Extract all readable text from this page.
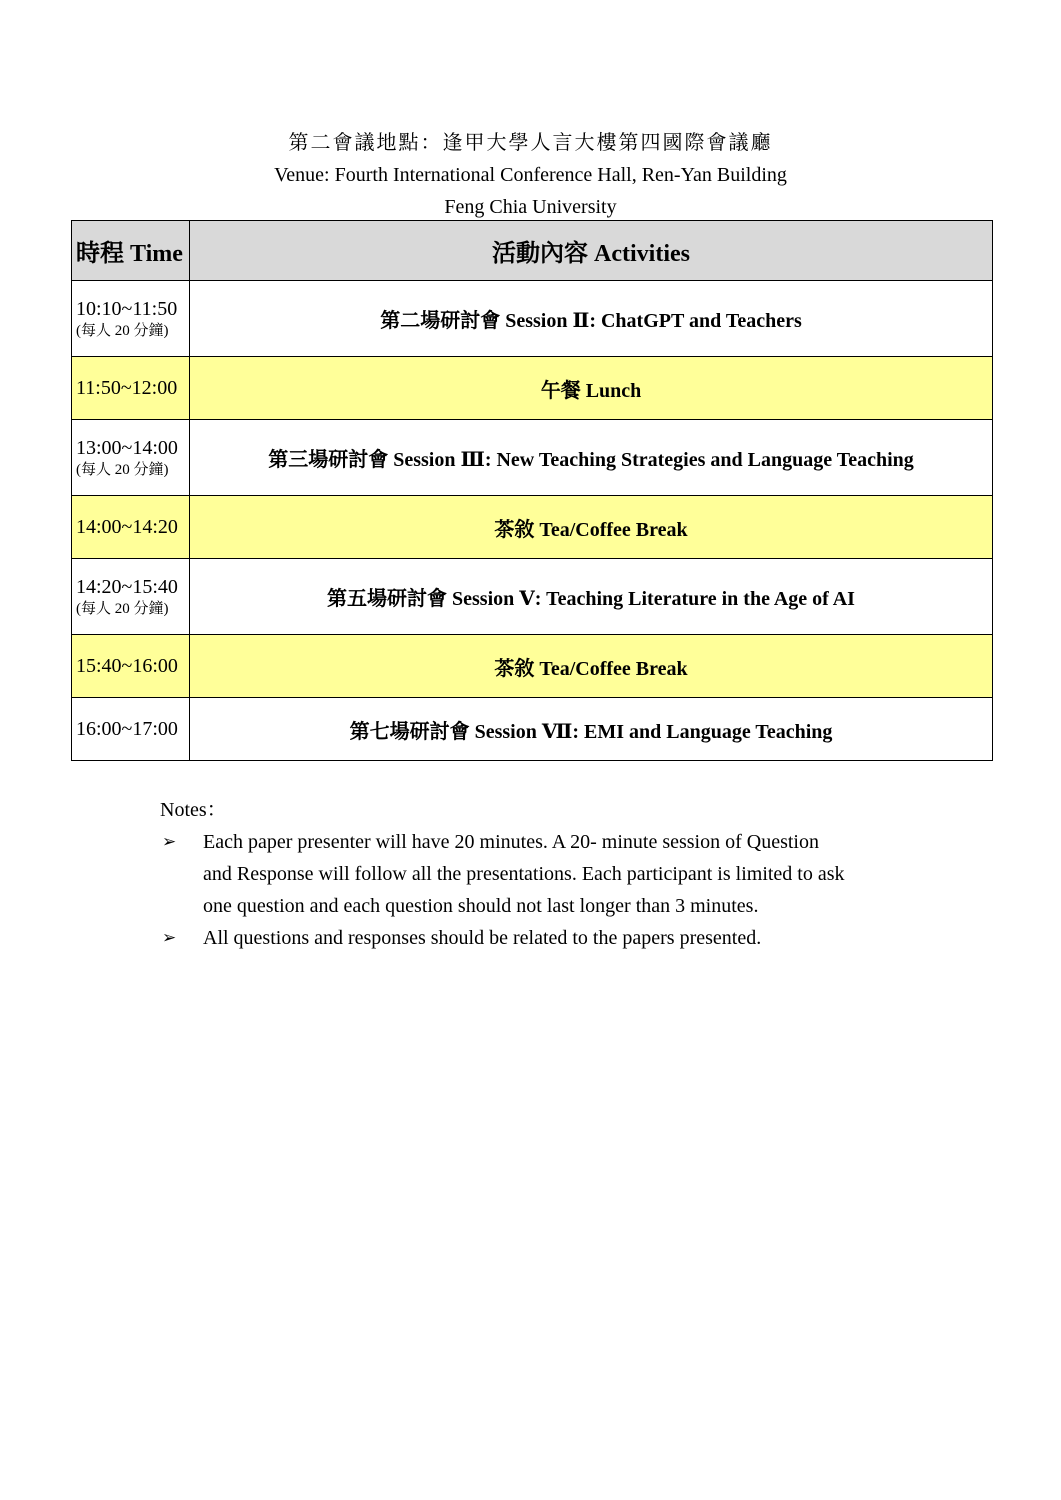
第二會議地點：逢甲大學人言大樓第四國際會議廳
Venue: Fourth International Conference Hall, Ren-Yan Building
Feng Chia University
時程 Time	活動內容 Activities
10:10~11:50
(每人 20 分鐘)	第二場研討會 Session Ⅱ: ChatGPT and Teachers
11:50~12:00	午餐 Lunch
13:00~14:00
(每人 20 分鐘)	第三場研討會 Session Ⅲ: New Teaching Strategies and Language Teaching
14:00~14:20	茶敘 Tea/Coffee Break
14:20~15:40
(每人 20 分鐘)	第五場研討會 Session Ⅴ: Teaching Literature in the Age of AI
15:40~16:00	茶敘 Tea/Coffee Break
16:00~17:00	第七場研討會 Session Ⅶ: EMI and Language Teaching
Notes：
➢ Each paper presenter will have 20 minutes. A 20- minute session of Question
and Response will follow all the presentations. Each participant is limited to ask
one question and each question should not last longer than 3 minutes.
➢ All questions and responses should be related to the papers presented.
